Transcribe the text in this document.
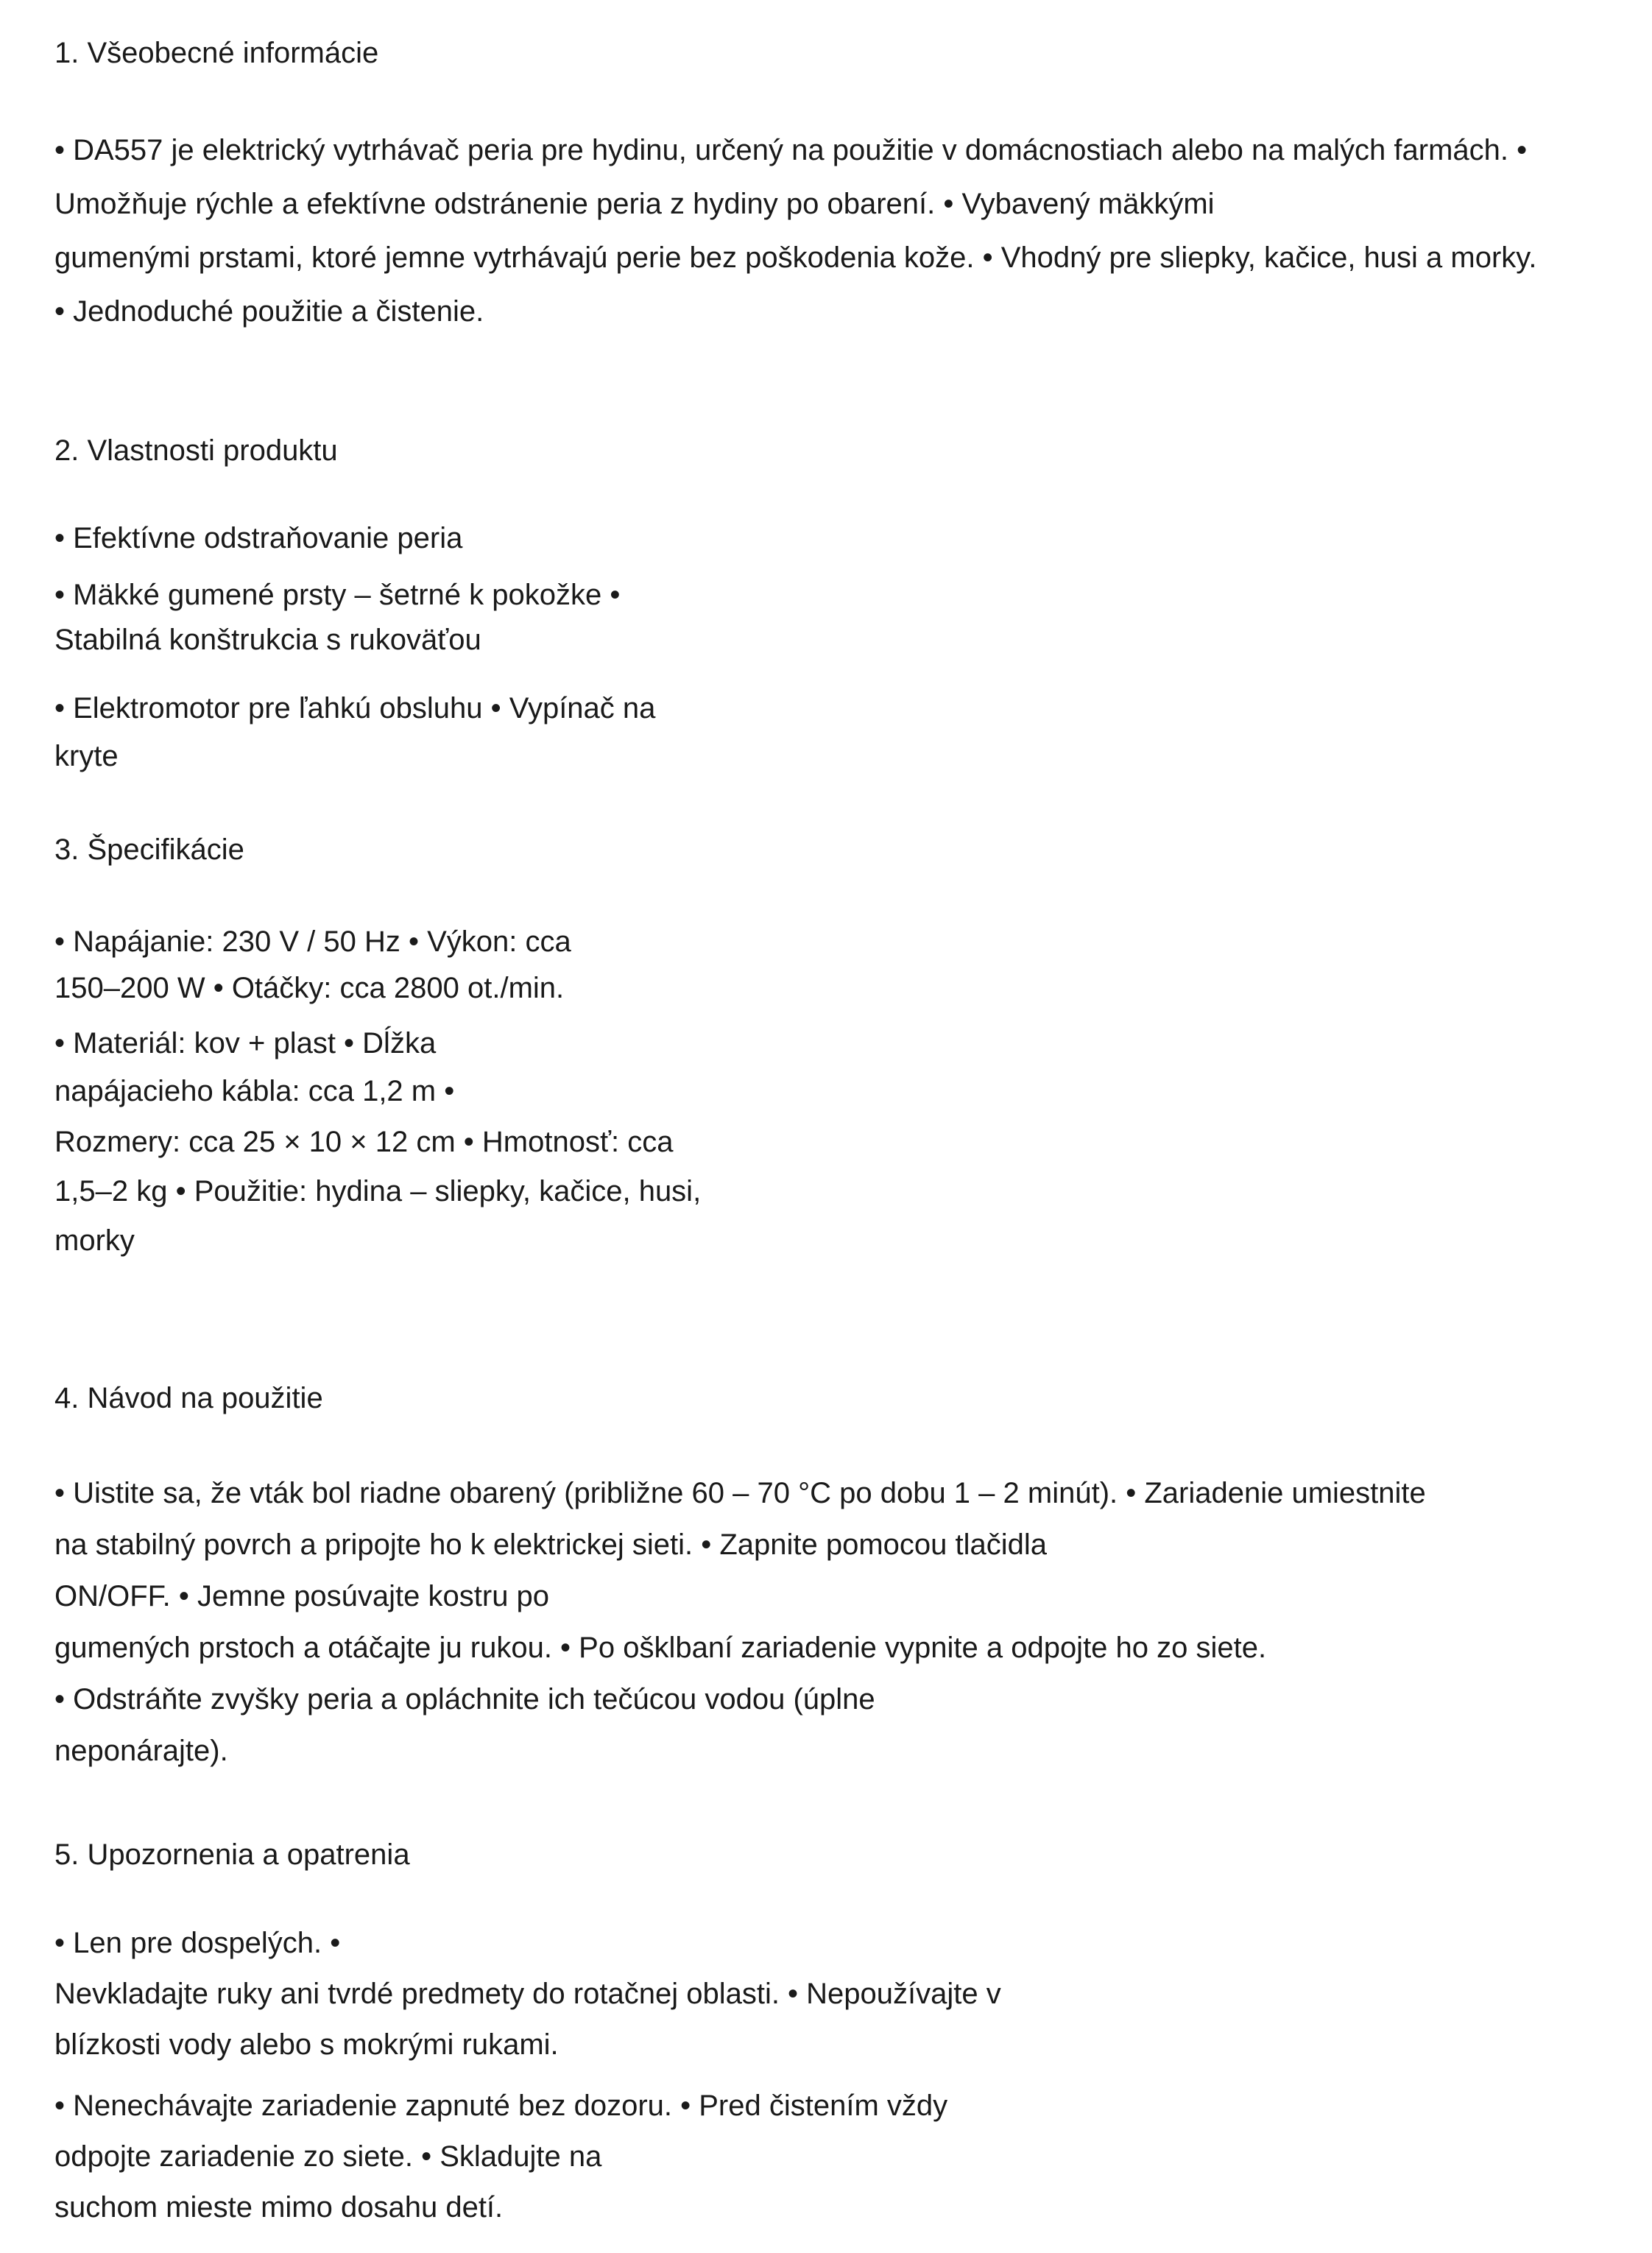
1. Všeobecné informácie
• DA557 je elektrický vytrhávač peria pre hydinu, určený na použitie v domácnostiach alebo na malých farmách. •
Umožňuje rýchle a efektívne odstránenie peria z hydiny po obarení. • Vybavený mäkkými
gumenými prstami, ktoré jemne vytrhávajú perie bez poškodenia kože. • Vhodný pre sliepky, kačice, husi a morky.
• Jednoduché použitie a čistenie.
2. Vlastnosti produktu
• Efektívne odstraňovanie peria
• Mäkké gumené prsty – šetrné k pokožke •
Stabilná konštrukcia s rukoväťou
• Elektromotor pre ľahkú obsluhu • Vypínač na
kryte
3. Špecifikácie
• Napájanie: 230 V / 50 Hz • Výkon: cca
150–200 W • Otáčky: cca 2800 ot./min.
• Materiál: kov + plast • Dĺžka
napájacieho kábla: cca 1,2 m •
Rozmery: cca 25 × 10 × 12 cm • Hmotnosť: cca
1,5–2 kg • Použitie: hydina – sliepky, kačice, husi,
morky
4. Návod na použitie
• Uistite sa, že vták bol riadne obarený (približne 60 – 70 °C po dobu 1 – 2 minút). • Zariadenie umiestnite
na stabilný povrch a pripojte ho k elektrickej sieti. • Zapnite pomocou tlačidla
ON/OFF. • Jemne posúvajte kostru po
gumených prstoch a otáčajte ju rukou. • Po ošklbaní zariadenie vypnite a odpojte ho zo siete.
• Odstráňte zvyšky peria a opláchnite ich tečúcou vodou (úplne
neponárajte).
5. Upozornenia a opatrenia
• Len pre dospelých. •
Nevkladajte ruky ani tvrdé predmety do rotačnej oblasti. • Nepoužívajte v
blízkosti vody alebo s mokrými rukami.
• Nenechávajte zariadenie zapnuté bez dozoru. • Pred čistením vždy
odpojte zariadenie zo siete. • Skladujte na
suchom mieste mimo dosahu detí.
